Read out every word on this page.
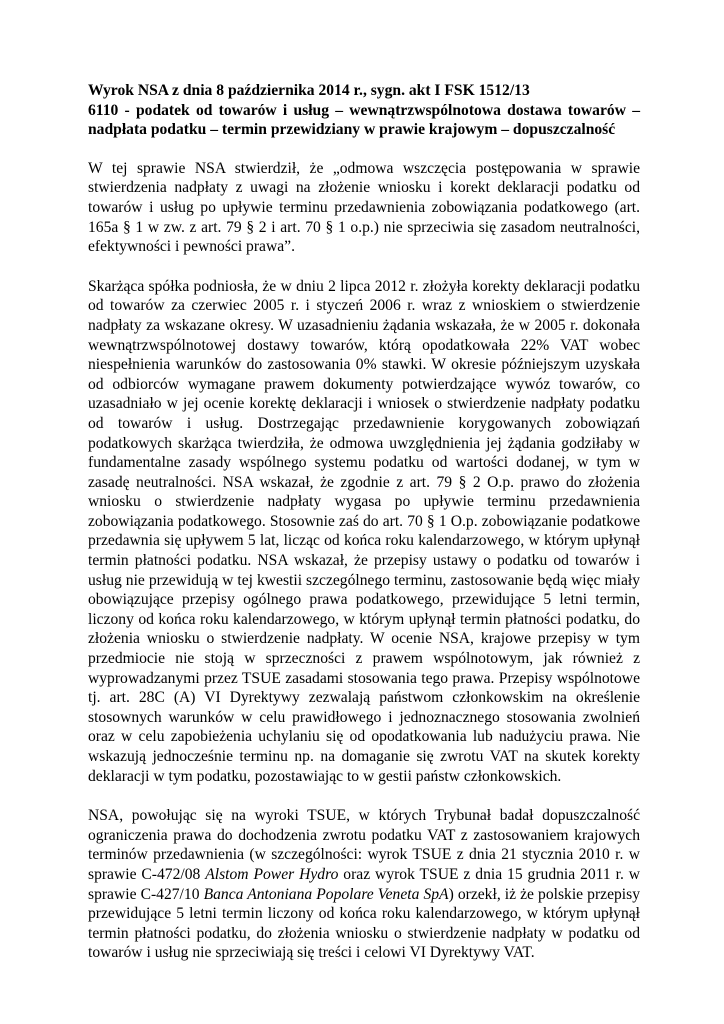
Wyrok NSA z dnia 8 października 2014 r., sygn. akt I FSK 1512/13
6110 - podatek od towarów i usług – wewnątrzwspólnotowa dostawa towarów – nadpłata podatku – termin przewidziany w prawie krajowym – dopuszczalność

W tej sprawie NSA stwierdził, że „odmowa wszczęcia postępowania w sprawie stwierdzenia nadpłaty z uwagi na złożenie wniosku i korekt deklaracji podatku od towarów i usług po upływie terminu przedawnienia zobowiązania podatkowego (art. 165a § 1 w zw. z art. 79 § 2 i art. 70 § 1 o.p.) nie sprzeciwia się zasadom neutralności, efektywności i pewności prawa”.

Skarżąca spółka podniosła, że w dniu 2 lipca 2012 r. złożyła korekty deklaracji podatku od towarów za czerwiec 2005 r. i styczeń 2006 r. wraz z wnioskiem o stwierdzenie nadpłaty za wskazane okresy. W uzasadnieniu żądania wskazała, że w 2005 r. dokonała wewnątrzwspólnotowej dostawy towarów, którą opodatkowała 22% VAT wobec niespełnienia warunków do zastosowania 0% stawki. W okresie późniejszym uzyskała od odbiorców wymagane prawem dokumenty potwierdzające wywóz towarów, co uzasadniało w jej ocenie korektę deklaracji i wniosek o stwierdzenie nadpłaty podatku od towarów i usług. Dostrzegając przedawnienie korygowanych zobowiązań podatkowych skarżąca twierdziła, że odmowa uwzględnienia jej żądania godziłaby w fundamentalne zasady wspólnego systemu podatku od wartości dodanej, w tym w zasadę neutralności. NSA wskazał, że zgodnie z art. 79 § 2 O.p. prawo do złożenia wniosku o stwierdzenie nadpłaty wygasa po upływie terminu przedawnienia zobowiązania podatkowego. Stosownie zaś do art. 70 § 1 O.p. zobowiązanie podatkowe przedawnia się upływem 5 lat, licząc od końca roku kalendarzowego, w którym upłynął termin płatności podatku. NSA wskazał, że przepisy ustawy o podatku od towarów i usług nie przewidują w tej kwestii szczególnego terminu, zastosowanie będą więc miały obowiązujące przepisy ogólnego prawa podatkowego, przewidujące 5 letni termin, liczony od końca roku kalendarzowego, w którym upłynął termin płatności podatku, do złożenia wniosku o stwierdzenie nadpłaty. W ocenie NSA, krajowe przepisy w tym przedmiocie nie stoją w sprzeczności z prawem wspólnotowym, jak również z wyprowadzanymi przez TSUE zasadami stosowania tego prawa. Przepisy wspólnotowe tj. art. 28C (A) VI Dyrektywy zezwalają państwom członkowskim na określenie stosownych warunków w celu prawidłowego i jednoznacznego stosowania zwolnień oraz w celu zapobieżenia uchylaniu się od opodatkowania lub nadużyciu prawa. Nie wskazują jednocześnie terminu np. na domaganie się zwrotu VAT na skutek korekty deklaracji w tym podatku, pozostawiając to w gestii państw członkowskich.

NSA, powołując się na wyroki TSUE, w których Trybunał badał dopuszczalność ograniczenia prawa do dochodzenia zwrotu podatku VAT z zastosowaniem krajowych terminów przedawnienia (w szczególności: wyrok TSUE z dnia 21 stycznia 2010 r. w sprawie C-472/08 Alstom Power Hydro oraz wyrok TSUE z dnia 15 grudnia 2011 r. w sprawie C-427/10 Banca Antoniana Popolare Veneta SpA) orzekł, iż że polskie przepisy przewidujące 5 letni termin liczony od końca roku kalendarzowego, w którym upłynął termin płatności podatku, do złożenia wniosku o stwierdzenie nadpłaty w podatku od towarów i usług nie sprzeciwiają się treści i celowi VI Dyrektywy VAT.
